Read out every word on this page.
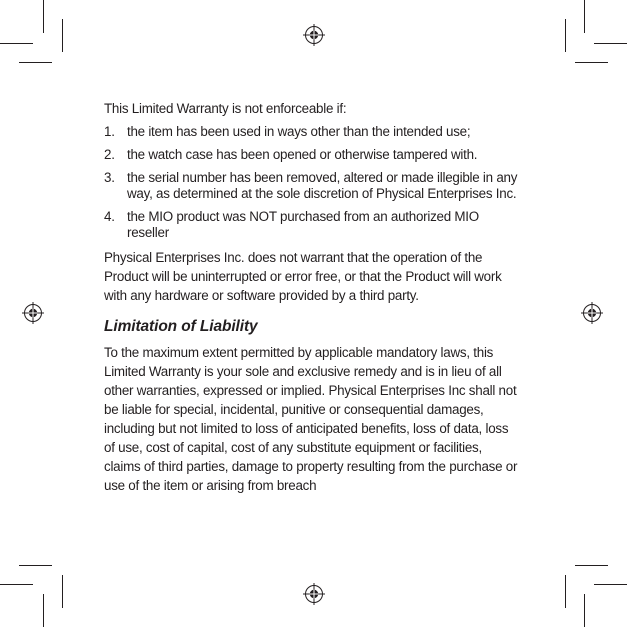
This Limited Warranty is not enforceable if:

1. the item has been used in ways other than the intended use;
2. the watch case has been opened or otherwise tampered with.
3. the serial number has been removed, altered or made illegible in any way, as determined at the sole discretion of Physical Enterprises Inc.
4. the MIO product was NOT purchased from an authorized MIO reseller

Physical Enterprises Inc. does not warrant that the operation of the Product will be uninterrupted or error free, or that the Product will work with any hardware or software provided by a third party.

Limitation of Liability

To the maximum extent permitted by applicable mandatory laws, this Limited Warranty is your sole and exclusive remedy and is in lieu of all other warranties, expressed or implied. Physical Enterprises Inc shall not be liable for special, incidental, punitive or consequential damages, including but not limited to loss of anticipated benefits, loss of data, loss of use, cost of capital, cost of any substitute equipment or facilities, claims of third parties, damage to property resulting from the purchase or use of the item or arising from breach
